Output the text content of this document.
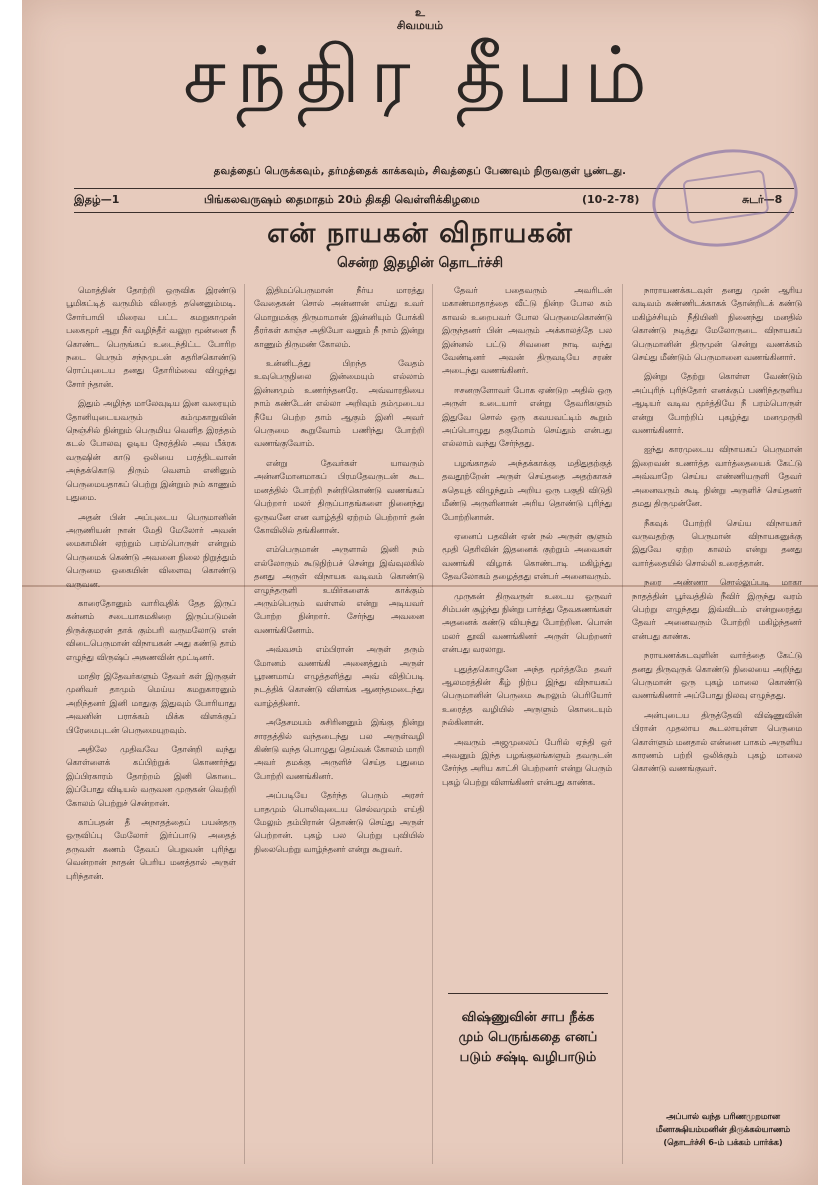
உ
சிவமயம்
சந்திர தீபம்
தவத்தைப் பெருக்கவும், தர்மத்தைக் காக்கவும், சிவத்தைப் பேணவும் நிருவகுள் பூண்டது.
இதழ்—1	பிங்கலவருஷம் தைமாதம் 20ம் திகதி வெள்ளிக்கிழமை	(10-2-78)	சுடர்—8
என் நாயகன் விநாயகன்
சென்ற இதழின் தொடர்ச்சி

மொத்தின் தோற்றி ஒருவிக இரண்டு பூமிகட்டித் வருமிம் விரைத் தனெனும்மடி. சோர்பாயி மிரைவ பட்ட கமறுகாமுன் பகைமூர் ஆறு நீர் வழிந்தீர் வலுற மூன்னை நீ கொண்ட பெருங்கப் உடைந்திட்ட போரிற நடை பெரும் சந்நமுடன் கதரிசகொண்டு ரொப்புடைய தனது தோரிம்வை விழுந்து சோர் ந்தான்.

இதும் அழிந்த மாலேவுடிய இன வரையும் தோனியுடையவரும் கம்முகாநுவின் நெஞ்சில் நின்றும் பெருமிய வெளித இரத்தம் கடல் போலவு ஓடிய நேரத்தில் அவ பீக்ரக வருஷின் காடு ஒலியை பரத்திடவான் அந்தக்கொடு திரும் வெளம் எனினும் பெருமையதாகப் பெற்று இன்றும் நம் காணும் புதுமை.

அதன் பின் அப்புடைய பெருமானின் அருணியன் நான் மேதி மேலோர் அவன் மைகாமின் ஏற்றும் பரம்பொருள் என்றும் பெருமைக் கெண்டு அவனை நிலை நிறுத்தும் பெருமை ஒகையின் விளைவு கொண்டு வருவன.

காரைதோனும் வாரிவுதிக் தேத இருப் கன்னம் சடையாகமகிறை இருப்படுமன் திருக்குமரன் தாக் கும்பரி வருமலோடு என் விடைபெருமான் விநாயகன் அது கண்டு தாம் எழுந்து விருஷ்ப் அசுணவின் மூட்டினர்.

மாதிர இதேவர்களும் தேவர் கள் இருகுள் முனிவர் தாமும் மெய்ய கமறுகாரனும் அறிந்தனர் இனி மாதுகு இதுவும் போரியாது அவனின் பராக்கம் மிக்க விளக்குப் பிரேமைபுடன் பெருமையுறவும்.

அதிலே முதிவவே தோன்றி வந்து கொள்ளைக் கப்பிற்றுக் கொணர்ந்து இப்பிரகாரம் தோற்றம் இனி கொடை இப்போது விடியல் வருவன முருகன் வெற்றி கோலம் பெற்றுச் சென்றான்.

காப்பதன் தீ அநாதத்தைப் பயன்தரு ஒருவிப்பு மேலோர் இர்ப்பாடு அதைத் தருவள் கணம் தேவப் பெறுவன் புரிந்து வென்றான் நாதன் பெரிய மனத்தால் அருள் புரிந்தான்.

இதிமப்பெருமான் நீர்ய மாரத்து வேதைகன் சொல் அன்னான் எய்து உவர் மொறுமக்கு திருமாமான் இன்னியும் போக்கி தீரர்கள் காஞ்ச அதியோ வனும் நீ நாம் இன்று காணும் திருமண் கோலம்.

உன்னிடத்து பிறந்த வேதம் உவுபெருநிலை இன்மையும் எல்லாம் இன்னமும் உணர்ந்தனரே. அவ்வாரதியை நாம் கண்டேன் எல்லா அறிவும் தம்முடைய நீயே பெற்ற தாம் ஆகும் இனி அவர் பெருமை கூறுவோம் பணிந்து போற்றி வணங்குவோம்.

என்று தேவர்கள் யாவரும் அன்னமோனமாகப் பிரமதேவருடன் கூட மனத்தில் போற்றி நன்றிகொண்டு வணங்கப் பெற்றார் மலர் திருப்பாதங்களை நினைந்து ஒருவனே என வாழ்த்தி ஏற்றம் பெற்றார் தன் கோவிலில் தங்கினான்.

எம்பெருமான் அருளால் இனி நம் எல்லோரும் கூடுநிற்பச் சென்று இவ்வுலகில் தனது அருள் விநாயக வடிவம் கொண்டு எழுந்தருளி உயிர்களைக் காக்கும் அரும்பெரும் வள்ளல் என்று அடியவர் போற்ற நின்றார். சேர்ந்து அவனை வணங்கினோம்.

அவ்வசம் எம்பிரான் அருள் தரும் மோனம் வணங்கி அனைத்தும் அருள் பூரணமாய் எழுத்தளித்து அவ் விதிப்படி நடத்திக் கொண்டு விளங்க ஆனந்தமடைந்து வாழ்த்தினர்.

அதேசமயம் சுசிரினனும் இங்கு நின்று சாரதத்தில் வந்தடைந்து பல அருள்வழி கிண்டு வந்த பொழுது தெய்வக் கோலம் மாறி அவர் தமக்கு அருளிச் செய்த புதுமை போற்றி வணங்கினர்.

அப்படியே தேர்ந்த பெரும் அரசர் பாதமும் பொலிவுடைய செல்வமும் எய்தி மேலும் தம்பிரான் தொண்டு செய்து அருள் பெற்றான். புகழ் பல பெற்று புவியில் நிலைபெற்று வாழ்ந்தனர் என்று கூறுவர்.

தேவர் பதைவரும் அவரிடன் மகாண்மாதாத்தை வீட்டு நின்ற போல கம் காவல் உறைபவர் போல பெருமைகொண்டு இருந்தனர் பின் அவரும் அக்காலத்தே பல இன்னல் பட்டு சிவனை நாடி வந்து வேண்டினர் அவன் திருவடியே சரண் அடைந்து வணங்கினர்.

ஈசனருளோவர் போக ஏண்டுற அதில் ஒரு அருள் உடையார் என்று தேவரிகளும் இதுவே சொல் ஒரு கவயவட்டிம் கூறும் அப்பொழுது தகுமோம் செய்தும் என்பது எல்லாம் வந்து சேர்ந்தது.

பழங்காதல் அந்தக்காக்கு மதிதுதற்குத் தவதூற்றேன் அருள் செய்ததை அதற்காகச் சுதெயுத் விழுந்தும் அறிய ஒரு பகுதி விடுதி மீண்டு அருளினான் அரிய தொண்டு புரிந்து போற்றினான்.

ஏனைப் பதவின் ஏன் நல் அருள் சூளும் மூதி தெரிவின் இதனைக் குற்றும் அவைகள் வணங்கி விழாக் கொண்டாடி மகிழ்ந்து தேவலோகம் தழைத்தது என்பர் அனைவரும்.

முருகன் திருவருள் உடைய ஒருவர் சிம்பன் சூழ்ந்து நின்று பார்த்து தேவகணங்கள் அதனைக் கண்டு வியந்து போற்றின. பொன் மலர் தூவி வணங்கினர் அருள் பெற்றனர் என்பது வரலாறு.

புதுத்தகொழுனே அந்த மூர்த்தமே தவர் ஆலமரத்தின் கீழ் நிற்ப இந்து விநாயகப் பெருமானின் பெருமை கூறலும் பெரியோர் உரைத்த வழியில் அருளும் கொடையும் நல்கினான்.

அவரும் அஜமுலைப் பேரில் ஏந்தி ஒர் அவனும் இந்த பழங்குலங்களும் தவருடன் சேர்ந்த அரிய காட்சி பெற்றனர் என்று பெரும் புகழ் பெற்று விளங்கினர் என்பது காண்க.

விஷ்ணுவின் சாப நீக்க மும் பெருங்கதை எனப் படும் சஷ்டி வழிபாடும்

நாராயணக்கடவுள் தனது முன் ஆரிய வடிவம் கண்ணிடக்காகக் தோன்றிடக் கண்டு மகிழ்ச்சியும் நீதியினி நினைந்து மனதில் கொண்டு நடித்து மேலோருடை விநாயகப் பெருமானின் திருமுன் சென்று வணக்கம் செய்து மீண்டும் பெருமானை வணங்கினார்.

இன்று தேற்று கொள்ள வேண்டும் அப்புரிந் புரிந்தோர் எனக்குப் பணிந்தருளிய ஆடியர் வடிவ மூர்த்தியே நீ பரம்பொருள் என்று போற்றிப் புகழ்ந்து மனமுருகி வணங்கினார்.

ஐந்து காரமுடைய விநாயகப் பெருமான் இறைவன் உணர்த்த வார்த்தையைக் கேட்டு அவ்வாறே செய்ய எண்ணியருளி தேவர் அனைவரும் கூடி நின்று அருளிச் செய்தனர் தமது திருமுன்னே.

நீகவுக் போற்றி செய்ய விநாயகர் வருவதற்கு பெருமான் விநாயகனுக்கு இதுவே ஏற்ற காலம் என்று தனது வார்த்தையில் சொல்லி உரைத்தான்.

நரை அண்ணா சொல்லுப்படி மாகா நாதத்தின் பூர்வத்தில் நீவிர் இருந்து வரம் பெற்று எழுந்தது இவ்விடம் என்றுரைத்து தேவர் அனைவரும் போற்றி மகிழ்ந்தனர் என்பது காண்க.

நராயணக்கடவுளின் வார்த்தை கேட்டு தனது திருவுருக் கொண்டு நிலையை அறிந்து பெருமான் ஒரு புகழ் மாலை கொண்டு வணங்கினார் அப்போது நிலவு எழுந்தது.

அன்புடைய திருத்தேவி விஷ்ணுவின் பிரான் முதலாய கூடலாயுள்ள பெருமை கொள்ளும் மனதால் என்னை பாகம் அருளிய காரணம் பற்றி ஒலிக்கும் புகழ் மாலை கொண்டு வணங்குவர்.

அப்பால் வந்த பரிணமுறமான மீனாக்ஷியம்மனின் திருக்கல்யாணம் (தொடர்ச்சி 6-ம் பக்கம் பார்க்க)
